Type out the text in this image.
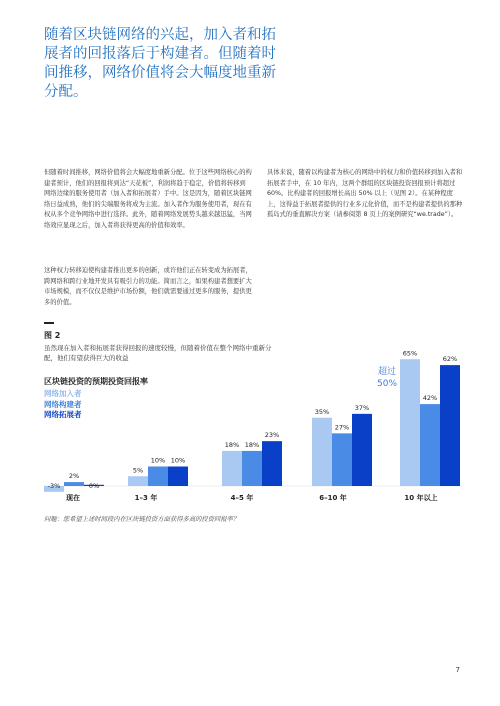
随着区块链网络的兴起，加入者和拓展者的回报落后于构建者。但随着时间推移，网络价值将会大幅度地重新分配。
但随着时间推移，网络价值将会大幅度地重新分配。位于这些网络核心的构建者预计，他们的回报将到达“天花板”，利润将趋于稳定，价值将转移到网络边缘的服务使用者（加入者和拓展者）手中。这是因为，随着区块链网络日益成熟，他们的尖端服务将成为主流。加入者作为服务使用者，现在有权从多个竞争网络中进行选择。此外，随着网络发展势头越来越迅猛，当网络效应显现之后，加入者将获得更高的价值和效率。
这种权力转移迫使构建者推出更多的创新，或许他们正在转变成为拓展者，跨网络和跨行业地开发具有吸引力的功能。简而言之，如果构建者想要扩大市场规模，而不仅仅是维护市场份额，他们就需要通过更多的服务，提供更多的价值。
具体来说，随着以构建者为核心的网络中的权力和价值转移到加入者和拓展者手中，在 10 年内，这两个群组的区块链投资回报预计将超过 60%。比构建者的回报增长高出 50% 以上（见图 2）。在某种程度上，这得益于拓展者提供的行业多元化价值，而不是构建者提供的那种孤岛式的垂直解决方案（请参阅第 8 页上的案例研究“we.trade”）。
图 2
虽然现在加入者和拓展者获得回报的速度较慢，但随着价值在整个网络中重新分配，他们有望获得巨大的收益
区块链投资的预期投资回报率
网络加入者
网络构建者
网络拓展者
超过
50%
-3%
2%
0%
现在
5%
10% 10%
1–3 年
18% 18%
23%
4–5 年
35%
27%
37%
6–10 年
65%
42%
62%
10 年以上
问题：您希望上述时间段内在区块链投资方面获得多高的投资回报率？
7
